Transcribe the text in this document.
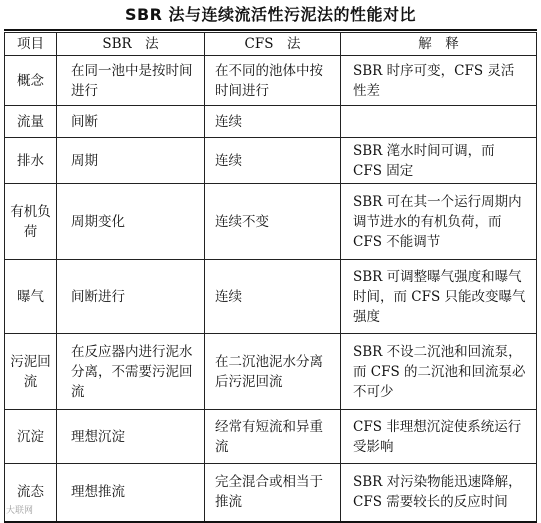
SBR 法与连续流活性污泥法的性能对比
项目	SBR　法	CFS　法	解　释
概念	在同一池中是按时间进行	在不同的池体中按时间进行	SBR 时序可变，CFS 灵活性差
流量	间断	连续	
排水	周期	连续	SBR 滗水时间可调，而 CFS 固定
有机负荷	周期变化	连续不变	SBR 可在其一个运行周期内调节进水的有机负荷，而 CFS 不能调节
曝气	间断进行	连续	SBR 可调整曝气强度和曝气时间，而 CFS 只能改变曝气强度
污泥回流	在反应器内进行泥水分离，不需要污泥回流	在二沉池泥水分离后污泥回流	SBR 不设二沉池和回流泵，而 CFS 的二沉池和回流泵必不可少
沉淀	理想沉淀	经常有短流和异重流	CFS 非理想沉淀使系统运行受影响
流态	理想推流	完全混合或相当于推流	SBR 对污染物能迅速降解，CFS 需要较长的反应时间
大联网
